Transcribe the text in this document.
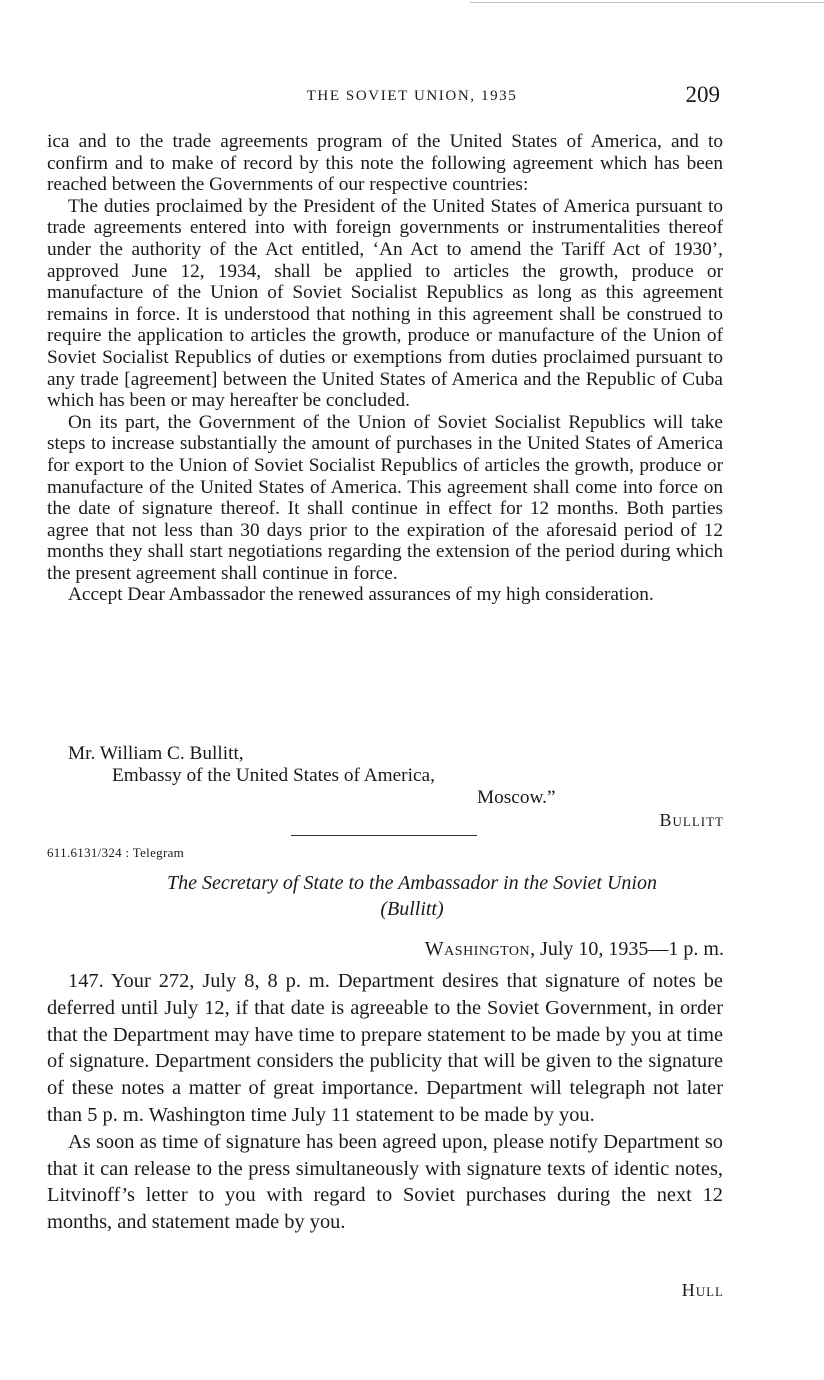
THE SOVIET UNION, 1935	209

ica and to the trade agreements program of the United States of America, and to confirm and to make of record by this note the following agreement which has been reached between the Governments of our respective countries:

The duties proclaimed by the President of the United States of America pursuant to trade agreements entered into with foreign governments or instrumentalities thereof under the authority of the Act entitled, ‘An Act to amend the Tariff Act of 1930’, approved June 12, 1934, shall be applied to articles the growth, produce or manufacture of the Union of Soviet Socialist Republics as long as this agreement remains in force. It is understood that nothing in this agreement shall be construed to require the application to articles the growth, produce or manufacture of the Union of Soviet Socialist Republics of duties or exemptions from duties proclaimed pursuant to any trade [agreement] between the United States of America and the Republic of Cuba which has been or may hereafter be concluded.

On its part, the Government of the Union of Soviet Socialist Republics will take steps to increase substantially the amount of purchases in the United States of America for export to the Union of Soviet Socialist Republics of articles the growth, produce or manufacture of the United States of America. This agreement shall come into force on the date of signature thereof. It shall continue in effect for 12 months. Both parties agree that not less than 30 days prior to the expiration of the aforesaid period of 12 months they shall start negotiations regarding the extension of the period during which the present agreement shall continue in force.

Accept Dear Ambassador the renewed assurances of my high consideration.

Mr. William C. Bullitt,
Embassy of the United States of America,
Moscow.”
Bullitt
611.6131/324 : Telegram
The Secretary of State to the Ambassador in the Soviet Union
(Bullitt)
Washington, July 10, 1935—1 p. m.

147. Your 272, July 8, 8 p. m. Department desires that signature of notes be deferred until July 12, if that date is agreeable to the Soviet Government, in order that the Department may have time to prepare statement to be made by you at time of signature. Department considers the publicity that will be given to the signature of these notes a matter of great importance. Department will telegraph not later than 5 p. m. Washington time July 11 statement to be made by you.

As soon as time of signature has been agreed upon, please notify Department so that it can release to the press simultaneously with signature texts of identic notes, Litvinoff’s letter to you with regard to Soviet purchases during the next 12 months, and statement made by you.

Hull
